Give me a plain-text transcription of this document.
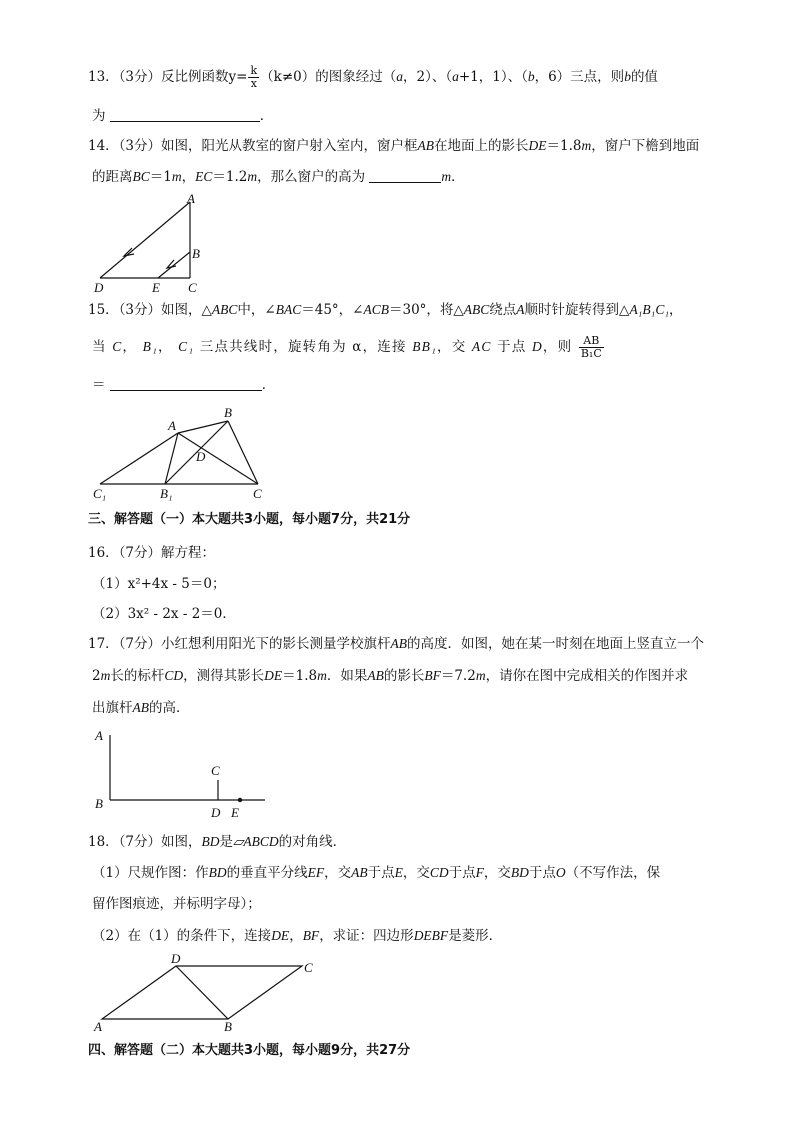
13．（3分）反比例函数$y= \frac{k}{x} (k\ne 0)$的图象经过（a，2）、（a+1，1）、（b，6）三点，则b的值
为	．
14．（3分）如图，阳光从教室的窗户射入室内，窗户框AB在地面上的影长DE＝1.8m，窗户下檐到地面
的距离BC＝1m，EC＝1.2m，那么窗户的高为	m．
A
B
C
D	E
15．（3分）如图，△ABC中，∠BAC＝45°，∠ACB＝30°，将△ABC绕点A顺时针旋转得到△A₁B₁C₁，
当 C， B₁， C₁ 三点共线时，旋转角为 α，连接 BB₁，交 AC 于点 D，则 $\frac{AB}{\text{B₁C}}$
＝	．
A
B
D
C
C₁	B₁
三、解答题（一）本大题共3小题，每小题7分，共21分
16．（7分）解方程：
（1）x²+4x - 5＝0；
（2）3x² - 2x - 2＝0．
17．（7分）小红想利用阳光下的影长测量学校旗杆AB的高度．如图，她在某一时刻在地面上竖直立一个
2m长的标杆CD，测得其影长DE＝1.8m．如果AB的影长BF＝7.2m，请你在图中完成相关的作图并求
出旗杆AB的高．
A
B
C
D E
18．（7分）如图，BD是▱ABCD的对角线．
（1）尺规作图：作BD的垂直平分线EF，交AB于点E，交CD于点F，交BD于点O（不写作法，保
留作图痕迹，并标明字母）；
（2）在（1）的条件下，连接DE，BF，求证：四边形DEBF是菱形．
D
C
A	B
四、解答题（二）本大题共3小题，每小题9分，共27分
